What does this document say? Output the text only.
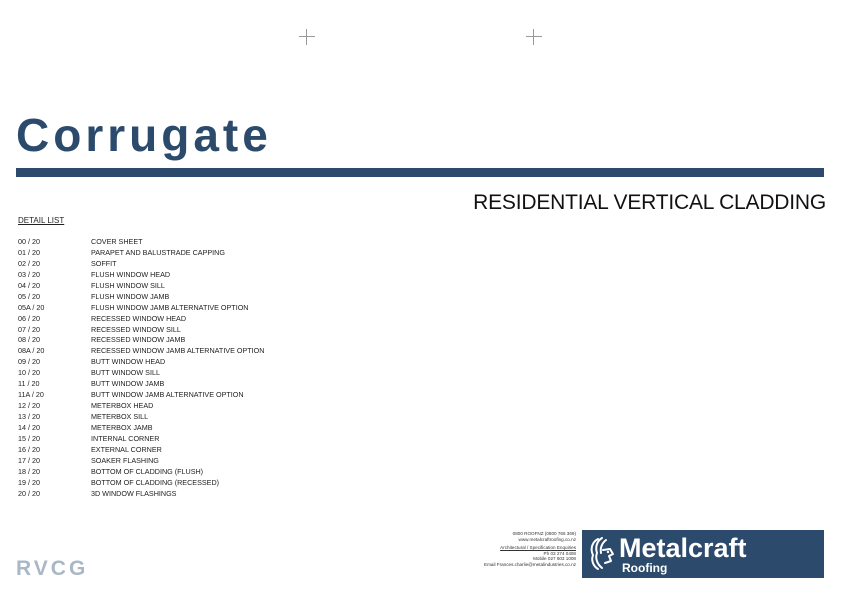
Corrugate
RESIDENTIAL VERTICAL CLADDING
DETAIL LIST
00 / 20	COVER SHEET
01 / 20	PARAPET AND BALUSTRADE CAPPING
02 / 20	SOFFIT
03 / 20	FLUSH WINDOW HEAD
04 / 20	FLUSH WINDOW SILL
05 / 20	FLUSH WINDOW JAMB
05A / 20	FLUSH WINDOW JAMB ALTERNATIVE OPTION
06 / 20	RECESSED WINDOW HEAD
07 / 20	RECESSED WINDOW SILL
08 / 20	RECESSED WINDOW JAMB
08A / 20	RECESSED WINDOW JAMB ALTERNATIVE OPTION
09 / 20	BUTT WINDOW HEAD
10 / 20	BUTT WINDOW SILL
11 / 20	BUTT WINDOW JAMB
11A / 20	BUTT WINDOW JAMB ALTERNATIVE OPTION
12 / 20	METERBOX HEAD
13 / 20	METERBOX SILL
14 / 20	METERBOX JAMB
15 / 20	INTERNAL CORNER
16 / 20	EXTERNAL CORNER
17 / 20	SOAKER FLASHING
18 / 20	BOTTOM OF CLADDING (FLUSH)
19 / 20	BOTTOM OF CLADDING (RECESSED)
20 / 20	3D WINDOW FLASHINGS
RVCG
0800 ROOFNZ (0800 766 369)
www.metalcraftroofing.co.nz
Architectural / Specification Enquiries
Ph 03 274 0408
Mobile 027 603 1008
Email Frances.charlie@metalindustries.co.nz
Metalcraft
Roofing
